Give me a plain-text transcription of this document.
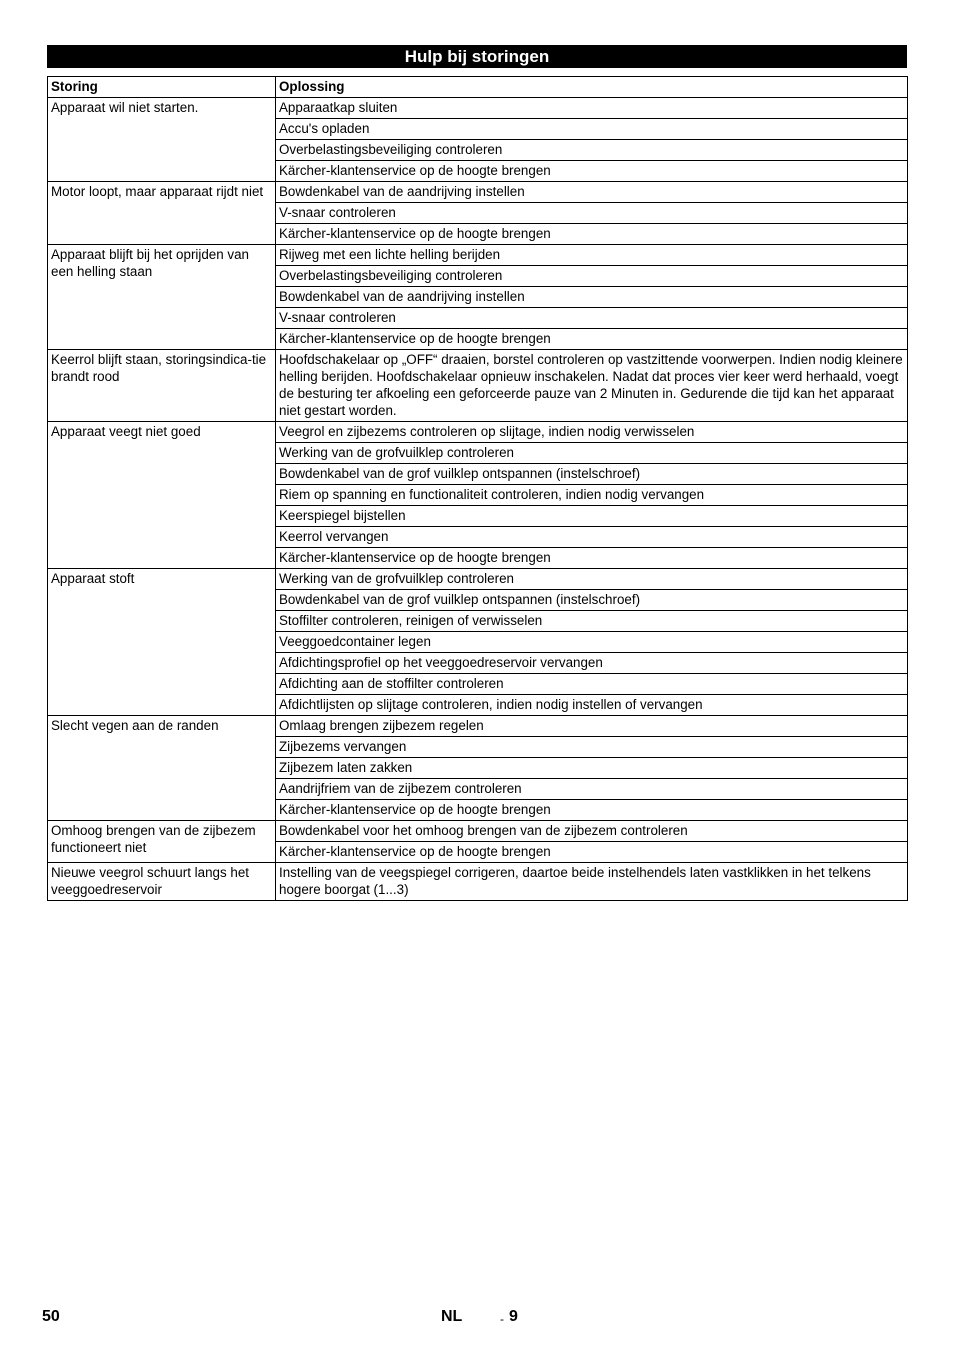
Hulp bij storingen
Storing	Oplossing
Apparaat wil niet starten.	Apparaatkap sluiten
	Accu's opladen
	Overbelastingsbeveiliging controleren
	Kärcher-klantenservice op de hoogte brengen
Motor loopt, maar apparaat rijdt niet	Bowdenkabel van de aandrijving instellen
	V-snaar controleren
	Kärcher-klantenservice op de hoogte brengen
Apparaat blijft bij het oprijden van een helling staan	Rijweg met een lichte helling berijden
	Overbelastingsbeveiliging controleren
	Bowdenkabel van de aandrijving instellen
	V-snaar controleren
	Kärcher-klantenservice op de hoogte brengen
Keerrol blijft staan, storingsindica-tie brandt rood	Hoofdschakelaar op „OFF“ draaien, borstel controleren op vastzittende voorwerpen. Indien nodig kleinere helling berijden. Hoofdschakelaar opnieuw inschakelen. Nadat dat proces vier keer werd herhaald, voegt de besturing ter afkoeling een geforceerde pauze van 2 Minuten in. Gedurende die tijd kan het apparaat niet gestart worden.
Apparaat veegt niet goed	Veegrol en zijbezems controleren op slijtage, indien nodig verwisselen
	Werking van de grofvuilklep controleren
	Bowdenkabel van de grof vuilklep ontspannen (instelschroef)
	Riem op spanning en functionaliteit controleren, indien nodig vervangen
	Keerspiegel bijstellen
	Keerrol vervangen
	Kärcher-klantenservice op de hoogte brengen
Apparaat stoft	Werking van de grofvuilklep controleren
	Bowdenkabel van de grof vuilklep ontspannen (instelschroef)
	Stoffilter controleren, reinigen of verwisselen
	Veeggoedcontainer legen
	Afdichtingsprofiel op het veeggoedreservoir vervangen
	Afdichting aan de stoffilter controleren
	Afdichtlijsten op slijtage controleren, indien nodig instellen of vervangen
Slecht vegen aan de randen	Omlaag brengen zijbezem regelen
	Zijbezems vervangen
	Zijbezem laten zakken
	Aandrijfriem van de zijbezem controleren
	Kärcher-klantenservice op de hoogte brengen
Omhoog brengen van de zijbezem functioneert niet	Bowdenkabel voor het omhoog brengen van de zijbezem controleren
	Kärcher-klantenservice op de hoogte brengen
Nieuwe veegrol schuurt langs het veeggoedreservoir	Instelling van de veegspiegel corrigeren, daartoe beide instelhendels laten vastklikken in het telkens hogere boorgat (1...3)
50	NL	- 9
